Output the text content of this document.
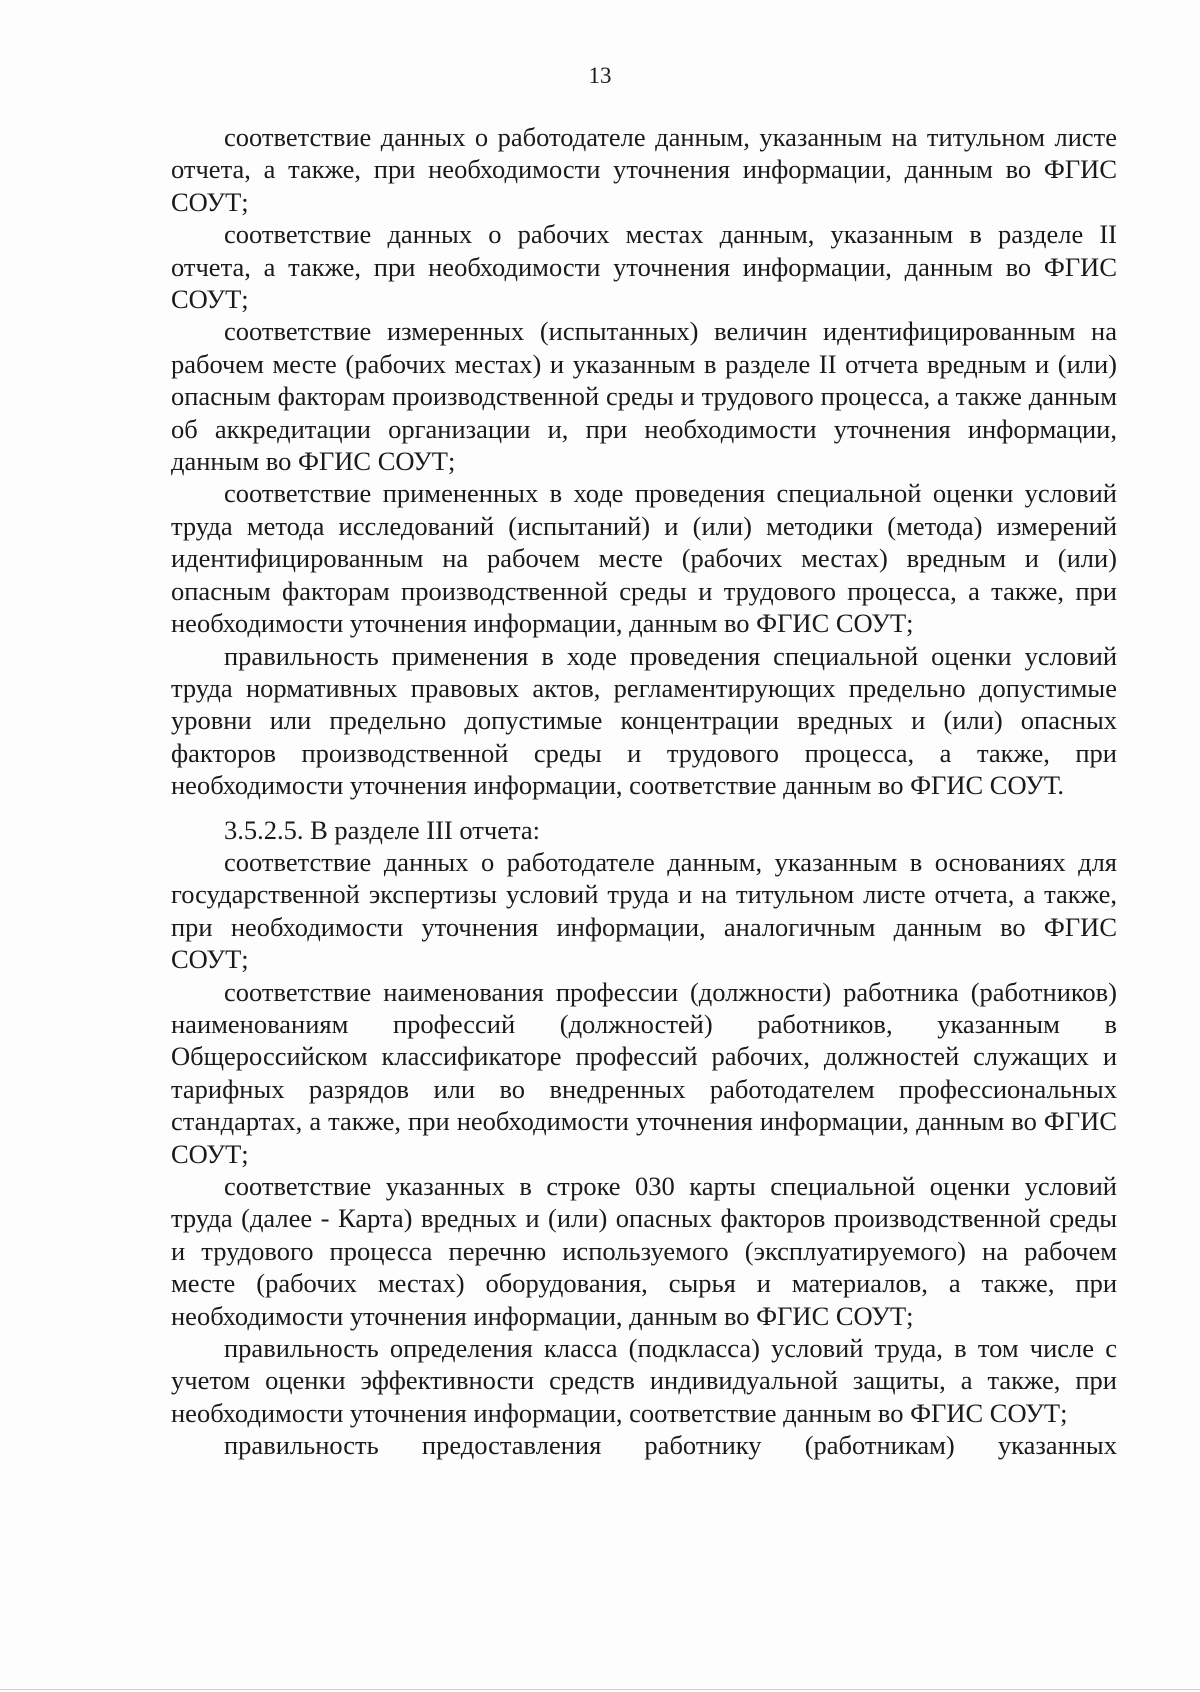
13

соответствие данных о работодателе данным, указанным на титульном листе отчета, а также, при необходимости уточнения информации, данным во ФГИС СОУТ;

соответствие данных о рабочих местах данным, указанным в разделе II отчета, а также, при необходимости уточнения информации, данным во ФГИС СОУТ;

соответствие измеренных (испытанных) величин идентифицированным на рабочем месте (рабочих местах) и указанным в разделе II отчета вредным и (или) опасным факторам производственной среды и трудового процесса, а также данным об аккредитации организации и, при необходимости уточнения информации, данным во ФГИС СОУТ;

соответствие примененных в ходе проведения специальной оценки условий труда метода исследований (испытаний) и (или) методики (метода) измерений идентифицированным на рабочем месте (рабочих местах) вредным и (или) опасным факторам производственной среды и трудового процесса, а также, при необходимости уточнения информации, данным во ФГИС СОУТ;

правильность применения в ходе проведения специальной оценки условий труда нормативных правовых актов, регламентирующих предельно допустимые уровни или предельно допустимые концентрации вредных и (или) опасных факторов производственной среды и трудового процесса, а также, при необходимости уточнения информации, соответствие данным во ФГИС СОУТ.

3.5.2.5. В разделе III отчета:

соответствие данных о работодателе данным, указанным в основаниях для государственной экспертизы условий труда и на титульном листе отчета, а также, при необходимости уточнения информации, аналогичным данным во ФГИС СОУТ;

соответствие наименования профессии (должности) работника (работников) наименованиям профессий (должностей) работников, указанным в Общероссийском классификаторе профессий рабочих, должностей служащих и тарифных разрядов или во внедренных работодателем профессиональных стандартах, а также, при необходимости уточнения информации, данным во ФГИС СОУТ;

соответствие указанных в строке 030 карты специальной оценки условий труда (далее - Карта) вредных и (или) опасных факторов производственной среды и трудового процесса перечню используемого (эксплуатируемого) на рабочем месте (рабочих местах) оборудования, сырья и материалов, а также, при необходимости уточнения информации, данным во ФГИС СОУТ;

правильность определения класса (подкласса) условий труда, в том числе с учетом оценки эффективности средств индивидуальной защиты, а также, при необходимости уточнения информации, соответствие данным во ФГИС СОУТ;

правильность предоставления работнику (работникам) указанных
